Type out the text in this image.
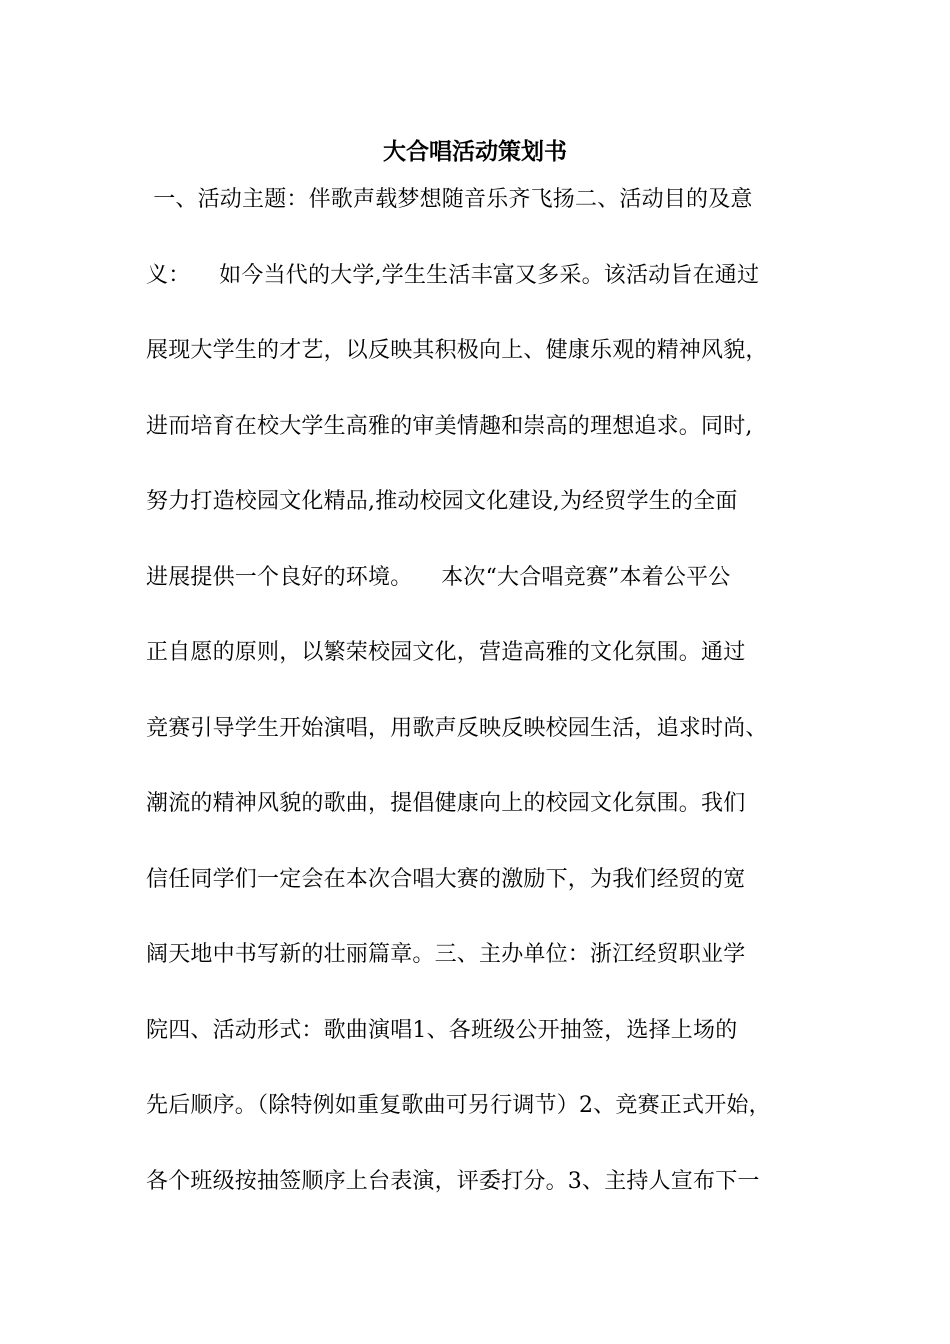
大合唱活动策划书
一、活动主题：伴歌声载梦想随音乐齐飞扬二、活动目的及意
义：    如今当代的大学,学生生活丰富又多采。该活动旨在通过
展现大学生的才艺，以反映其积极向上、健康乐观的精神风貌，
进而培育在校大学生高雅的审美情趣和崇高的理想追求。同时,
努力打造校园文化精品,推动校园文化建设,为经贸学生的全面
进展提供一个良好的环境。    本次“大合唱竞赛”本着公平公
正自愿的原则，以繁荣校园文化，营造高雅的文化氛围。通过
竞赛引导学生开始演唱，用歌声反映反映校园生活，追求时尚、
潮流的精神风貌的歌曲，提倡健康向上的校园文化氛围。我们
信任同学们一定会在本次合唱大赛的激励下，为我们经贸的宽
阔天地中书写新的壮丽篇章。三、主办单位：浙江经贸职业学
院四、活动形式：歌曲演唱1、各班级公开抽签，选择上场的
先后顺序。（除特例如重复歌曲可另行调节）2、竞赛正式开始，
各个班级按抽签顺序上台表演，评委打分。3、主持人宣布下一
